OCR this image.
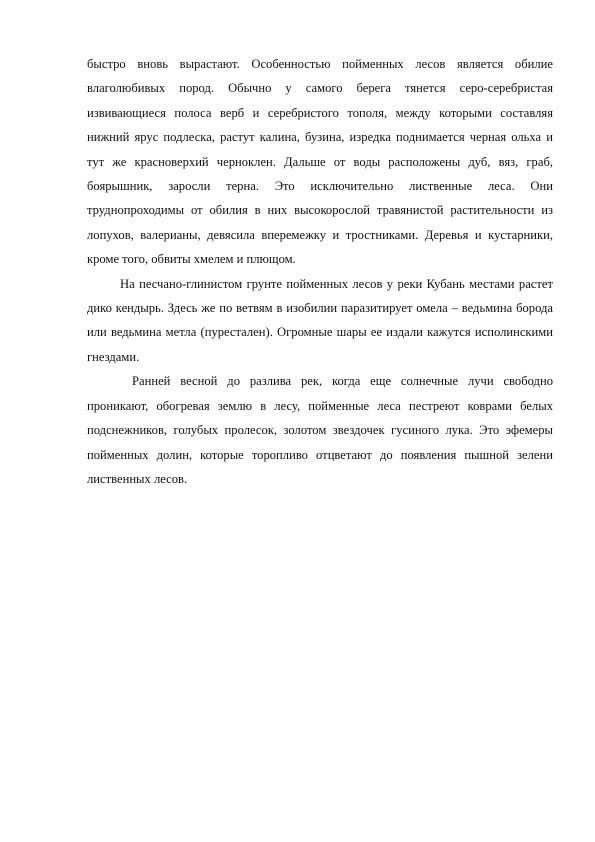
быстро вновь вырастают. Особенностью пойменных лесов является обилие влаголюбивых пород. Обычно у самого берега тянется серо-серебристая извивающиеся полоса верб и серебристого тополя, между которыми составляя нижний ярус подлеска, растут калина, бузина, изредка поднимается черная ольха и тут же красноверхий черноклен. Дальше от воды расположены дуб, вяз, граб, боярышник, заросли терна. Это исключительно лиственные леса. Они труднопроходимы от обилия в них высокорослой травянистой растительности из лопухов, валерианы, девясила вперемежку и тростниками. Деревья и кустарники, кроме того, обвиты хмелем и плющом.

На песчано-глинистом грунте пойменных лесов у реки Кубань местами растет дико кендырь. Здесь же по ветвям в изобилии паразитирует омела – ведьмина борода или ведьмина метла (пурестален). Огромные шары ее издали кажутся исполинскими гнездами.

Ранней весной до разлива рек, когда еще солнечные лучи свободно проникают, обогревая землю в лесу, пойменные леса пестреют коврами белых подснежников, голубых пролесок, золотом звездочек гусиного лука. Это эфемеры пойменных долин, которые торопливо отцветают до появления пышной зелени лиственных лесов.
